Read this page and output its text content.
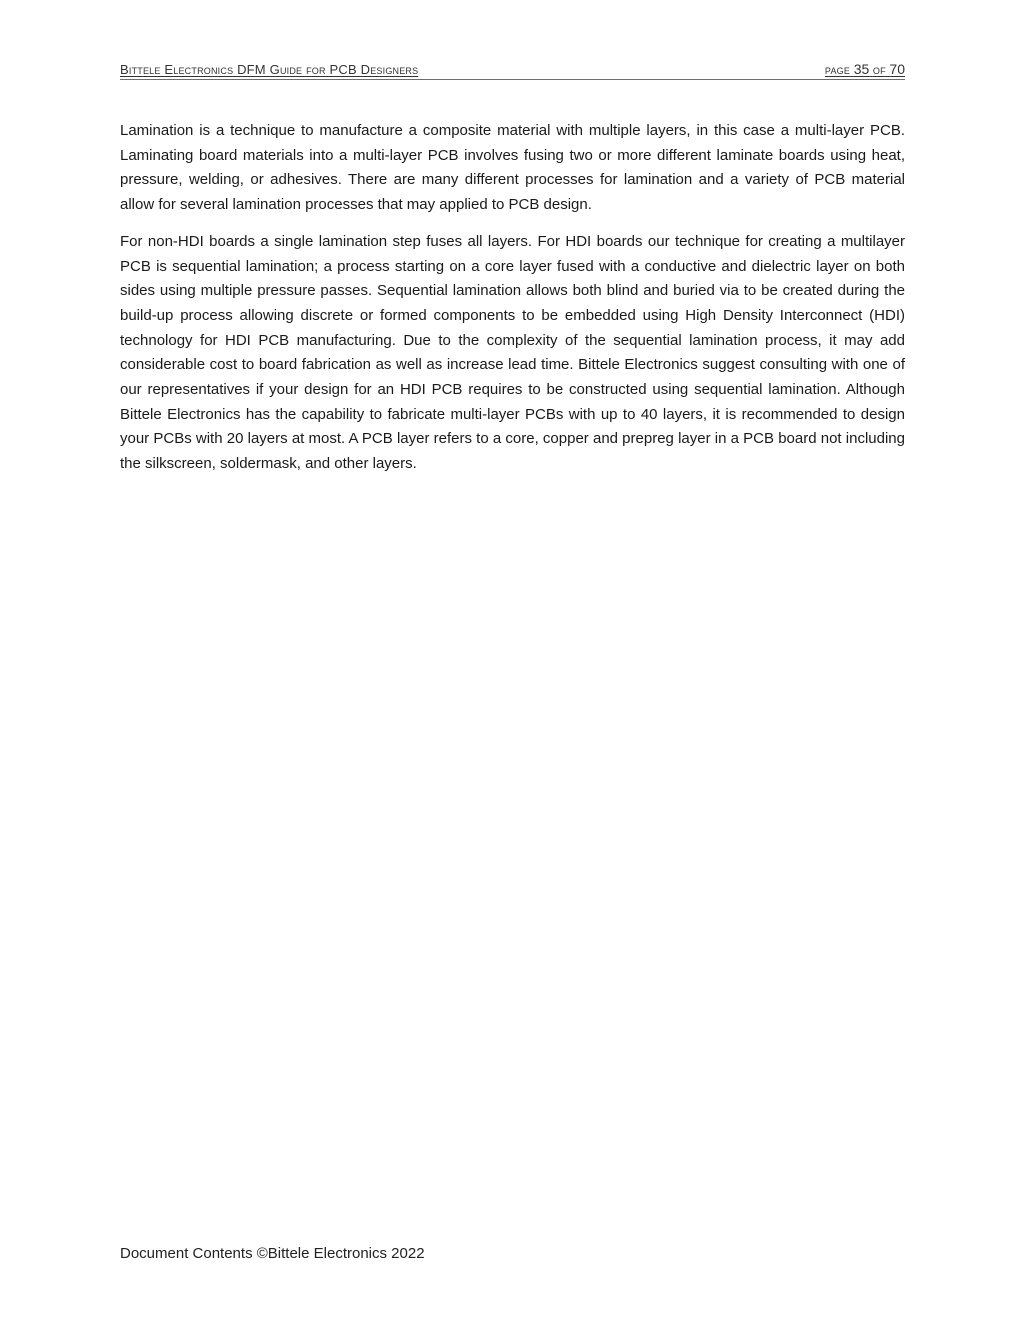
Bittele Electronics DFM Guide for PCB Designers	page 35 of 70

Lamination is a technique to manufacture a composite material with multiple layers, in this case a multi-layer PCB. Laminating board materials into a multi-layer PCB involves fusing two or more different laminate boards using heat, pressure, welding, or adhesives. There are many different processes for lamination and a variety of PCB material allow for several lamination processes that may applied to PCB design.

For non-HDI boards a single lamination step fuses all layers. For HDI boards our technique for creating a multilayer PCB is sequential lamination; a process starting on a core layer fused with a conductive and dielectric layer on both sides using multiple pressure passes. Sequential lamination allows both blind and buried via to be created during the build-up process allowing discrete or formed components to be embedded using High Density Interconnect (HDI) technology for HDI PCB manufacturing. Due to the complexity of the sequential lamination process, it may add considerable cost to board fabrication as well as increase lead time. Bittele Electronics suggest consulting with one of our representatives if your design for an HDI PCB requires to be constructed using sequential lamination. Although Bittele Electronics has the capability to fabricate multi-layer PCBs with up to 40 layers, it is recommended to design your PCBs with 20 layers at most. A PCB layer refers to a core, copper and prepreg layer in a PCB board not including the silkscreen, soldermask, and other layers.

Document Contents ©Bittele Electronics 2022
